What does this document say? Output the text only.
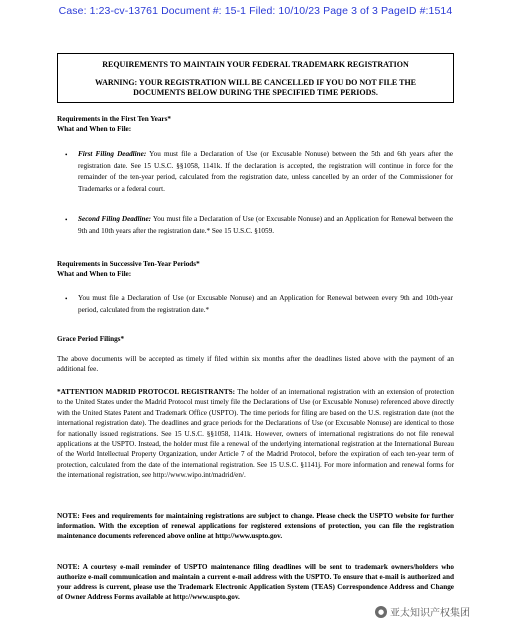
Case: 1:23-cv-13761 Document #: 15-1 Filed: 10/10/23 Page 3 of 3 PageID #:1514
REQUIREMENTS TO MAINTAIN YOUR FEDERAL TRADEMARK REGISTRATION
WARNING: YOUR REGISTRATION WILL BE CANCELLED IF YOU DO NOT FILE THE
DOCUMENTS BELOW DURING THE SPECIFIED TIME PERIODS.
Requirements in the First Ten Years*
What and When to File:
• First Filing Deadline: You must file a Declaration of Use (or Excusable Nonuse) between the 5th and 6th years after the registration date. See 15 U.S.C. §§1058, 1141k. If the declaration is accepted, the registration will continue in force for the remainder of the ten-year period, calculated from the registration date, unless cancelled by an order of the Commissioner for Trademarks or a federal court.
• Second Filing Deadline: You must file a Declaration of Use (or Excusable Nonuse) and an Application for Renewal between the 9th and 10th years after the registration date.* See 15 U.S.C. §1059.
Requirements in Successive Ten-Year Periods*
What and When to File:
• You must file a Declaration of Use (or Excusable Nonuse) and an Application for Renewal between every 9th and 10th-year period, calculated from the registration date.*
Grace Period Filings*
The above documents will be accepted as timely if filed within six months after the deadlines listed above with the payment of an additional fee.
*ATTENTION MADRID PROTOCOL REGISTRANTS: The holder of an international registration with an extension of protection to the United States under the Madrid Protocol must timely file the Declarations of Use (or Excusable Nonuse) referenced above directly with the United States Patent and Trademark Office (USPTO). The time periods for filing are based on the U.S. registration date (not the international registration date). The deadlines and grace periods for the Declarations of Use (or Excusable Nonuse) are identical to those for nationally issued registrations. See 15 U.S.C. §§1058, 1141k. However, owners of international registrations do not file renewal applications at the USPTO. Instead, the holder must file a renewal of the underlying international registration at the International Bureau of the World Intellectual Property Organization, under Article 7 of the Madrid Protocol, before the expiration of each ten-year term of protection, calculated from the date of the international registration. See 15 U.S.C. §1141j. For more information and renewal forms for the international registration, see http://www.wipo.int/madrid/en/.
NOTE: Fees and requirements for maintaining registrations are subject to change. Please check the USPTO website for further information. With the exception of renewal applications for registered extensions of protection, you can file the registration maintenance documents referenced above online at http://www.uspto.gov.
NOTE: A courtesy e-mail reminder of USPTO maintenance filing deadlines will be sent to trademark owners/holders who authorize e-mail communication and maintain a current e-mail address with the USPTO. To ensure that e-mail is authorized and your address is current, please use the Trademark Electronic Application System (TEAS) Correspondence Address and Change of Owner Address Forms available at http://www.uspto.gov.
● 亚太知识产权集团
